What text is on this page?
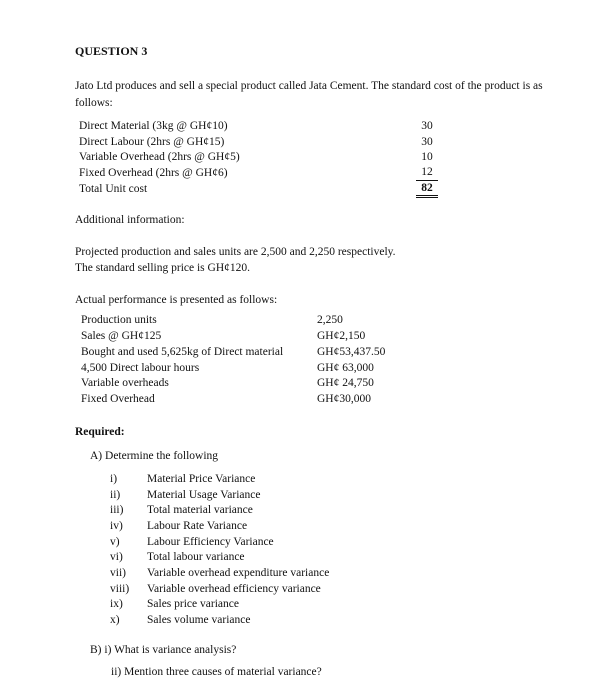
QUESTION 3
Jato Ltd produces and sell a special product called Jata Cement. The standard cost of the product is as follows:
Direct Material (3kg @ GH¢10)
Direct Labour (2hrs @ GH¢15)
Variable Overhead (2hrs @ GH¢5)
Fixed Overhead (2hrs @ GH¢6)
Total Unit cost
30
30
10
12
82
Additional information:
Projected production and sales units are 2,500 and 2,250 respectively.
The standard selling price is GH¢120.
Actual performance is presented as follows:
Production units
Sales @ GH¢125
Bought and used 5,625kg of Direct material
4,500 Direct labour hours
Variable overheads
Fixed Overhead
2,250
GH¢2,150
GH¢53,437.50
GH¢ 63,000
GH¢ 24,750
GH¢30,000
Required:
A) Determine the following
i)	Material Price Variance
ii) Material Usage Variance
iii) Total material variance
iv) Labour Rate Variance
v) Labour Efficiency Variance
vi) Total labour variance
vii) Variable overhead expenditure variance
viii) Variable overhead efficiency variance
ix) Sales price variance
x) Sales volume variance
B) i) What is variance analysis?
ii) Mention three causes of material variance?
